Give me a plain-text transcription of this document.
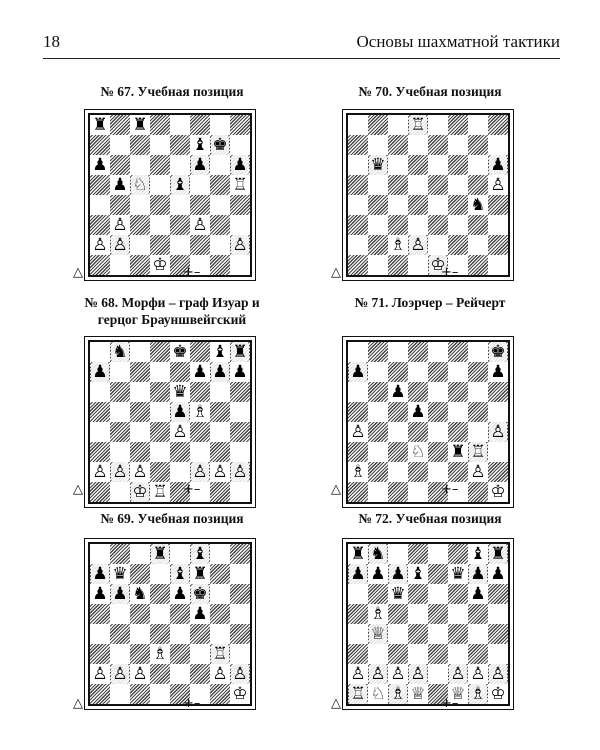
18	Основы шахматной тактики
№ 67. Учебная позиция
♜ ♜
♝ ♚
♟	♟ ♟
♟ ♘ ♝	♖
♙	♙
♙ ♙	♙
♔
△	+–
№ 70. Учебная позиция
♖
♛	♟
♙
♞
♗ ♙
♔
△	+–
№ 68. Морфи – граф Изуар и
герцог Брауншвейгский
♞	♚ ♝ ♜
♟	♟ ♟ ♟
♛
♟ ♗
♙
♙ ♙ ♙	♙ ♙ ♙
♔ ♖
△	+–
№ 71. Лоэрчер – Рейчерт
♚
♟	♟
♟
♟
♙	♙
♘ ♜ ♖
♗	♙
♔
△	+–
№ 69. Учебная позиция
♜ ♝
♟ ♛	♝ ♜
♟ ♟ ♞ ♟ ♚
♟
♗	♖
♙ ♙ ♙	♙ ♙
♔
△	+–
№ 72. Учебная позиция
♜ ♞	♝ ♜
♟ ♟ ♟ ♝ ♛ ♟ ♟
♛	♟
♗
♕
♙ ♙ ♙ ♙ ♙ ♙ ♙
♖ ♘ ♗ ♕ ♕ ♗ ♔
△	+–
